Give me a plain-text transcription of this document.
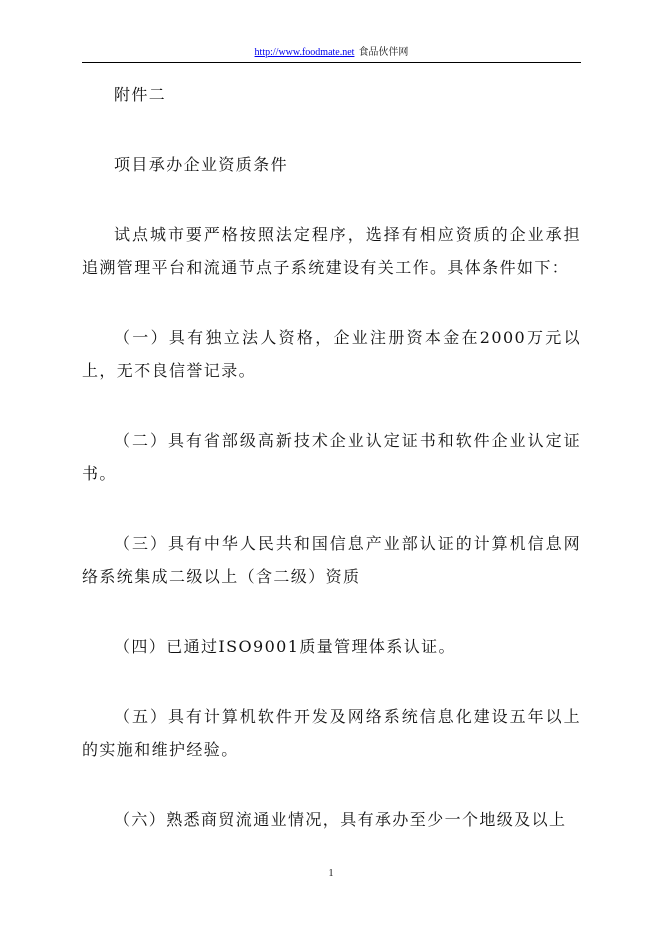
http://www.foodmate.net 食品伙伴网

附件二

项目承办企业资质条件

试点城市要严格按照法定程序，选择有相应资质的企业承担追溯管理平台和流通节点子系统建设有关工作。具体条件如下：

（一）具有独立法人资格，企业注册资本金在2000万元以上，无不良信誉记录。

（二）具有省部级高新技术企业认定证书和软件企业认定证书。

（三）具有中华人民共和国信息产业部认证的计算机信息网络系统集成二级以上（含二级）资质

（四）已通过ISO9001质量管理体系认证。

（五）具有计算机软件开发及网络系统信息化建设五年以上的实施和维护经验。

（六）熟悉商贸流通业情况，具有承办至少一个地级及以上

1
